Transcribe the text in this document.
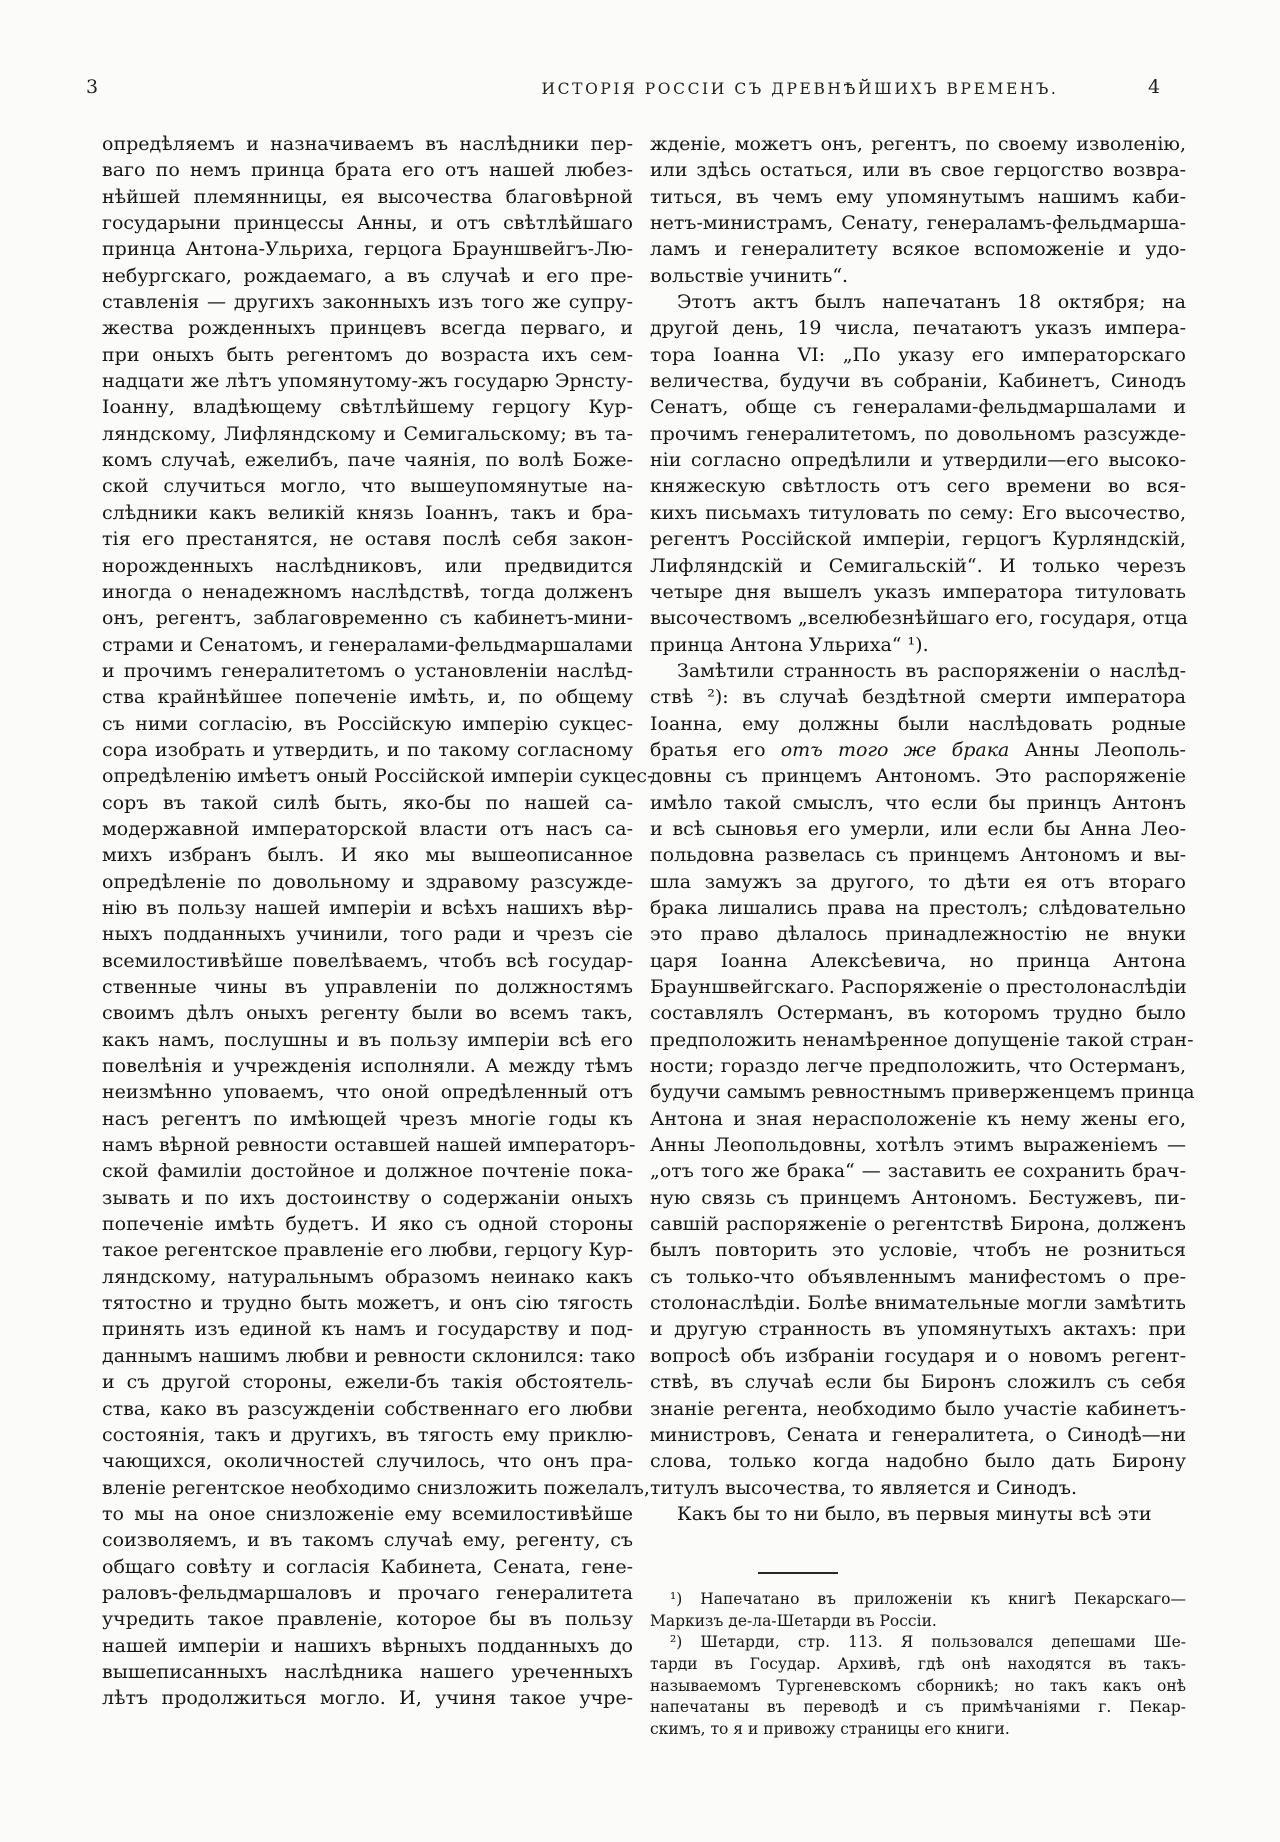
3	ИСТОРІЯ РОССІИ СЪ ДРЕВНѢЙШИХЪ ВРЕМЕНЪ.	4
опредѣляемъ и назначиваемъ въ наслѣдники пер-
ваго по немъ принца брата его отъ нашей любез-
нѣйшей племянницы, ея высочества благовѣрной
государыни принцессы Анны, и отъ свѣтлѣйшаго
принца Антона-Ульриха, герцога Брауншвейгъ-Лю-
небургскаго, рождаемаго, а въ случаѣ и его пре-
ставленія — другихъ законныхъ изъ того же супру-
жества рожденныхъ принцевъ всегда перваго, и
при оныхъ быть регентомъ до возраста ихъ сем-
надцати же лѣтъ упомянутому-жъ государю Эрнсту-
Іоанну, владѣющему свѣтлѣйшему герцогу Кур-
ляндскому, Лифляндскому и Семигальскому; въ та-
комъ случаѣ, ежелибъ, паче чаянія, по волѣ Боже-
ской случиться могло, что вышеупомянутые на-
слѣдники какъ великій князь Іоаннъ, такъ и бра-
тія его престанятся, не оставя послѣ себя закон-
норожденныхъ наслѣдниковъ, или предвидится
иногда о ненадежномъ наслѣдствѣ, тогда долженъ
онъ, регентъ, заблаговременно съ кабинетъ-мини-
страми и Сенатомъ, и генералами-фельдмаршалами
и прочимъ генералитетомъ о установленіи наслѣд-
ства крайнѣйшее попеченіе имѣть, и, по общему
съ ними согласію, въ Россійскую имперію сукцес-
сора изобрать и утвердить, и по такому согласному
опредѣленію имѣетъ оный Россійской имперіи сукцес-
соръ въ такой силѣ быть, яко-бы по нашей са-
модержавной императорской власти отъ насъ са-
михъ избранъ былъ. И яко мы вышеописанное
опредѣленіе по довольному и здравому разсужде-
нію въ пользу нашей имперіи и всѣхъ нашихъ вѣр-
ныхъ подданныхъ учинили, того ради и чрезъ сіе
всемилостивѣйше повелѣваемъ, чтобъ всѣ государ-
ственные чины въ управленіи по должностямъ
своимъ дѣлъ оныхъ регенту были во всемъ такъ,
какъ намъ, послушны и въ пользу имперіи всѣ его
повелѣнія и учрежденія исполняли. А между тѣмъ
неизмѣнно уповаемъ, что оной опредѣленный отъ
насъ регентъ по имѣющей чрезъ многіе годы къ
намъ вѣрной ревности оставшей нашей императоръ-
ской фамиліи достойное и должное почтеніе пока-
зывать и по ихъ достоинству о содержаніи оныхъ
попеченіе имѣть будетъ. И яко съ одной стороны
такое регентское правленіе его любви, герцогу Кур-
ляндскому, натуральнымъ образомъ неинако какъ
тятостно и трудно быть можетъ, и онъ сію тягость
принять изъ единой къ намъ и государству и под-
даннымъ нашимъ любви и ревности склонился: тако
и съ другой стороны, ежели-бъ такія обстоятель-
ства, како въ разсужденіи собственнаго его любви
состоянія, такъ и другихъ, въ тягость ему приклю-
чающихся, околичностей случилось, что онъ пра-
вленіе регентское необходимо снизложить пожелалъ,
то мы на оное снизложеніе ему всемилостивѣйше
соизволяемъ, и въ такомъ случаѣ ему, регенту, съ
общаго совѣту и согласія Кабинета, Сената, гене-
раловъ-фельдмаршаловъ и прочаго генералитета
учредить такое правленіе, которое бы въ пользу
нашей имперіи и нашихъ вѣрныхъ подданныхъ до
вышеписанныхъ наслѣдника нашего уреченныхъ
лѣтъ продолжиться могло. И, учиня такое учре-
жденіе, можетъ онъ, регентъ, по своему изволенію,
или здѣсь остаться, или въ свое герцогство возвра-
титься, въ чемъ ему упомянутымъ нашимъ каби-
нетъ-министрамъ, Сенату, генераламъ-фельдмарша-
ламъ и генералитету всякое вспоможеніе и удо-
вольствіе учинить“.
Этотъ актъ былъ напечатанъ 18 октября; на
другой день, 19 числа, печатаютъ указъ импера-
тора Іоанна VI: „По указу его императорскаго
величества, будучи въ собраніи, Кабинетъ, Синодъ
Сенатъ, обще съ генералами-фельдмаршалами и
прочимъ генералитетомъ, по довольномъ разсужде-
ніи согласно опредѣлили и утвердили—его высоко-
княжескую свѣтлость отъ сего времени во вся-
кихъ письмахъ титуловать по сему: Его высочество,
регентъ Россійской имперіи, герцогъ Курляндскій,
Лифляндскій и Семигальскій“. И только черезъ
четыре дня вышелъ указъ императора титуловать
высочествомъ „вселюбезнѣйшаго его, государя, отца
принца Антона Ульриха“ ¹).
Замѣтили странность въ распоряженіи о наслѣд-
ствѣ ²): въ случаѣ бездѣтной смерти императора
Іоанна, ему должны были наслѣдовать родные
братья его отъ того же брака Анны Леополь-
довны съ принцемъ Антономъ. Это распоряженіе
имѣло такой смыслъ, что если бы принцъ Антонъ
и всѣ сыновья его умерли, или если бы Анна Лео-
польдовна развелась съ принцемъ Антономъ и вы-
шла замужъ за другого, то дѣти ея отъ втораго
брака лишались права на престолъ; слѣдовательно
это право дѣлалось принадлежностію не внуки
царя Іоанна Алексѣевича, но принца Антона
Брауншвейгскаго. Распоряженіе о престолонаслѣдіи
составлялъ Остерманъ, въ которомъ трудно было
предположить ненамѣренное допущеніе такой стран-
ности; гораздо легче предположить, что Остерманъ,
будучи самымъ ревностнымъ приверженцемъ принца
Антона и зная нерасположеніе къ нему жены его,
Анны Леопольдовны, хотѣлъ этимъ выраженіемъ —
„отъ того же брака“ — заставить ее сохранить брач-
ную связь съ принцемъ Антономъ. Бестужевъ, пи-
савшій распоряженіе о регентствѣ Бирона, долженъ
былъ повторить это условіе, чтобъ не розниться
съ только-что объявленнымъ манифестомъ о пре-
столонаслѣдіи. Болѣе внимательные могли замѣтить
и другую странность въ упомянутыхъ актахъ: при
вопросѣ объ избраніи государя и о новомъ регент-
ствѣ, въ случаѣ если бы Биронъ сложилъ съ себя
знаніе регента, необходимо было участіе кабинетъ-
министровъ, Сената и генералитета, о Синодѣ—ни
слова, только когда надобно было дать Бирону
титулъ высочества, то является и Синодъ.
Какъ бы то ни было, въ первыя минуты всѣ эти
¹) Напечатано въ приложеніи къ книгѣ Пекарскаго—
Маркизъ де-ла-Шетарди въ Россіи.
²) Шетарди, стр. 113. Я пользовался депешами Ше-
тарди въ Государ. Архивѣ, гдѣ онѣ находятся въ такъ-
называемомъ Тургеневскомъ сборникѣ; но такъ какъ онѣ
напечатаны въ переводѣ и съ примѣчаніями г. Пекар-
скимъ, то я и привожу страницы его книги.
